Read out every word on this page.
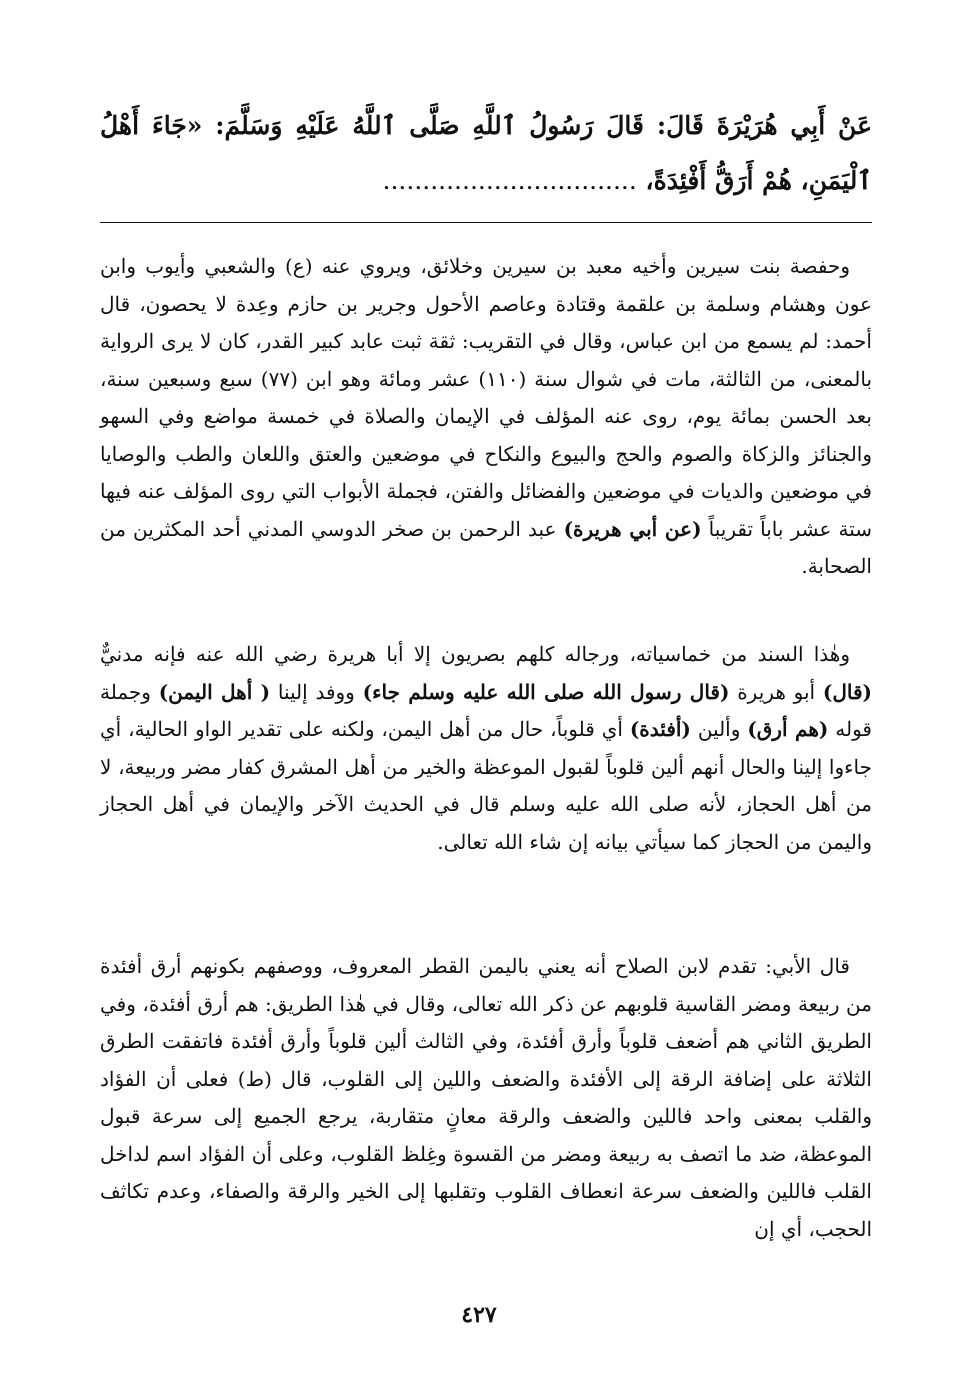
عَنْ أَبِي هُرَيْرَةَ قَالَ: قَالَ رَسُولُ ٱللَّهِ صَلَّى ٱللَّهُ عَلَيْهِ وَسَلَّمَ: «جَاءَ أَهْلُ ٱلْيَمَنِ، هُمْ أَرَقُّ أَفْئِدَةً، ................................

وحفصة بنت سيرين وأخيه معبد بن سيرين وخلائق، ويروي عنه (ع) والشعبي وأيوب وابن عون وهشام وسلمة بن علقمة وقتادة وعاصم الأحول وجرير بن حازم وعِدة لا يحصون، قال أحمد: لم يسمع من ابن عباس، وقال في التقريب: ثقة ثبت عابد كبير القدر، كان لا يرى الرواية بالمعنى، من الثالثة، مات في شوال سنة (١١٠) عشر ومائة وهو ابن (٧٧) سبع وسبعين سنة، بعد الحسن بمائة يوم، روى عنه المؤلف في الإيمان والصلاة في خمسة مواضع وفي السهو والجنائز والزكاة والصوم والحج والبيوع والنكاح في موضعين والعتق واللعان والطب والوصايا في موضعين والديات في موضعين والفضائل والفتن، فجملة الأبواب التي روى المؤلف عنه فيها ستة عشر باباً تقريباً (عن أبي هريرة) عبد الرحمن بن صخر الدوسي المدني أحد المكثرين من الصحابة.

وهٰذا السند من خماسياته، ورجاله كلهم بصريون إلا أبا هريرة رضي الله عنه فإنه مدنيٌّ (قال) أبو هريرة (قال رسول الله صلى الله عليه وسلم جاء) ووفد إلينا ( أهل اليمن) وجملة قوله (هم أرق) وألين (أفئدة) أي قلوباً، حال من أهل اليمن، ولكنه على تقدير الواو الحالية، أي جاءوا إلينا والحال أنهم ألين قلوباً لقبول الموعظة والخير من أهل المشرق كفار مضر وربيعة، لا من أهل الحجاز، لأنه صلى الله عليه وسلم قال في الحديث الآخر والإيمان في أهل الحجاز واليمن من الحجاز كما سيأتي بيانه إن شاء الله تعالى.

قال الأبي: تقدم لابن الصلاح أنه يعني باليمن القطر المعروف، ووصفهم بكونهم أرق أفئدة من ربيعة ومضر القاسية قلوبهم عن ذكر الله تعالى، وقال في هٰذا الطريق: هم أرق أفئدة، وفي الطريق الثاني هم أضعف قلوباً وأرق أفئدة، وفي الثالث ألين قلوباً وأرق أفئدة فاتفقت الطرق الثلاثة على إضافة الرقة إلى الأفئدة والضعف واللين إلى القلوب، قال (ط) فعلى أن الفؤاد والقلب بمعنى واحد فاللين والضعف والرقة معانٍ متقاربة، يرجع الجميع إلى سرعة قبول الموعظة، ضد ما اتصف به ربيعة ومضر من القسوة وغِلظ القلوب، وعلى أن الفؤاد اسم لداخل القلب فاللين والضعف سرعة انعطاف القلوب وتقلبها إلى الخير والرقة والصفاء، وعدم تكاثف الحجب، أي إن

٤٢٧
